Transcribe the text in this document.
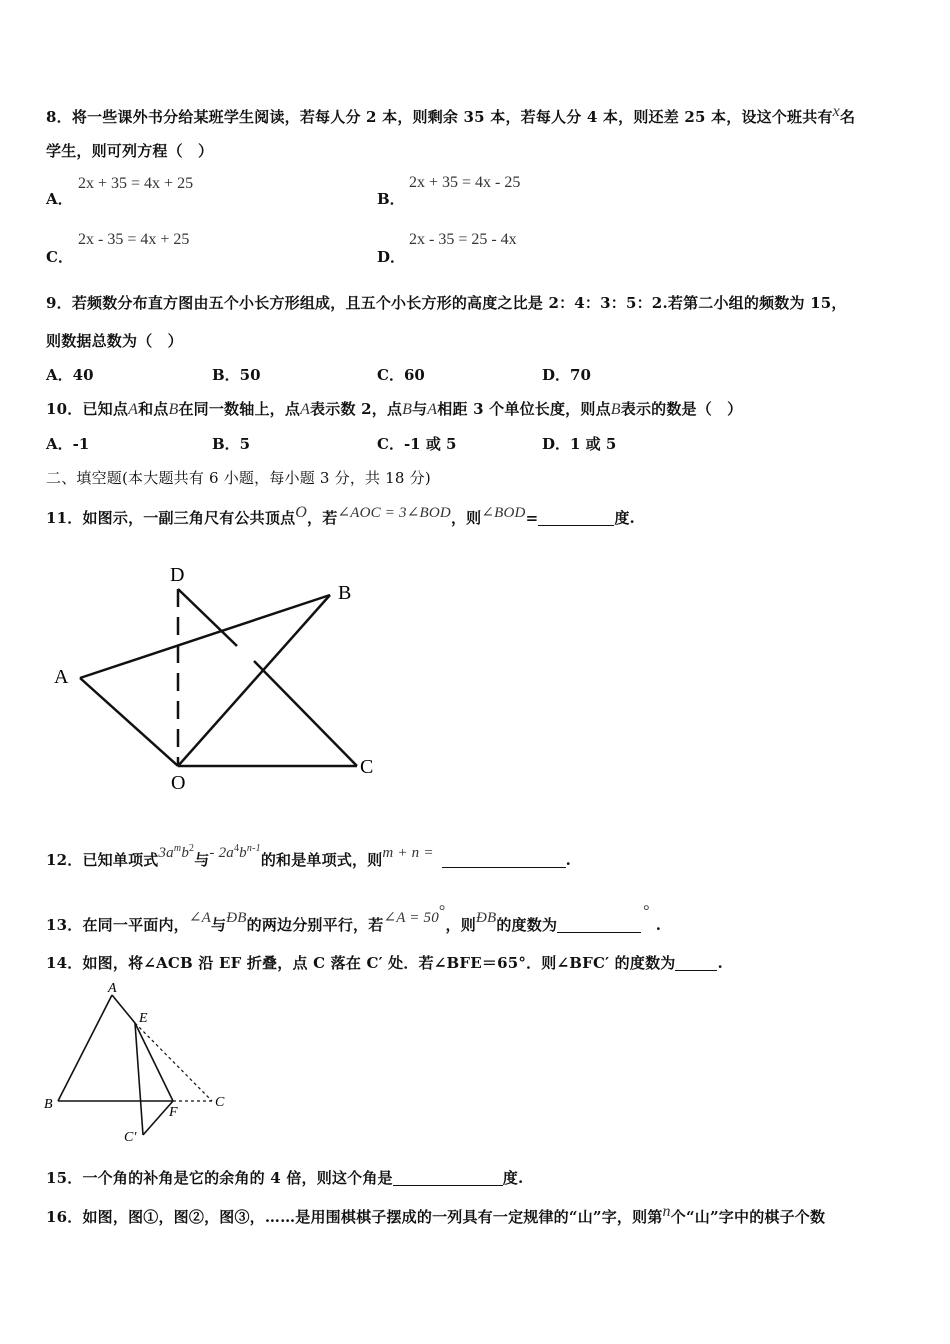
8．将一些课外书分给某班学生阅读，若每人分 2 本，则剩余 35 本，若每人分 4 本，则还差 25 本，设这个班共有$^x$名
学生，则可列方程（　）
A．
2x + 35 = 4x + 25
B．
2x + 35 = 4x - 25
C．
2x - 35 = 4x + 25
D．
2x - 35 = 25 - 4x
9．若频数分布直方图由五个小长方形组成，且五个小长方形的高度之比是 2：4：3：5：2.若第二小组的频数为 15，
则数据总数为（　）
A．40	B．50	C．60	D．70
10．已知点A和点B在同一数轴上，点A表示数 2，点B与A相距 3 个单位长度，则点B表示的数是（　）
A．-1	B．5	C．-1 或 5	D．1 或 5
二、填空题(本大题共有 6 小题，每小题 3 分，共 18 分)
11．如图示，一副三角尺有公共顶点$^O$，若$^{\angle AOC = 3\angle BOD}$，则$^{\angle BOD}$=	度.
D
B
A
O
C
12．已知单项式$3a^mb^2$与- $2a^4b^{n-1}$的和是单项式，则m + n =	.
13．在同一平面内，∠A与ÐB的两边分别平行，若∠A = 50°，则ÐB的度数为°.
14．如图，将∠ACB 沿 EF 折叠，点 C 落在 C′ 处．若∠BFE＝65°．则∠BFC′ 的度数为	.
A
E
B
F
C
C′
15．一个角的补角是它的余角的 4 倍，则这个角是	度.
16．如图，图①，图②，图③，……是用围棋棋子摆成的一列具有一定规律的“山”字，则第$^n$个“山”字中的棋子个数
